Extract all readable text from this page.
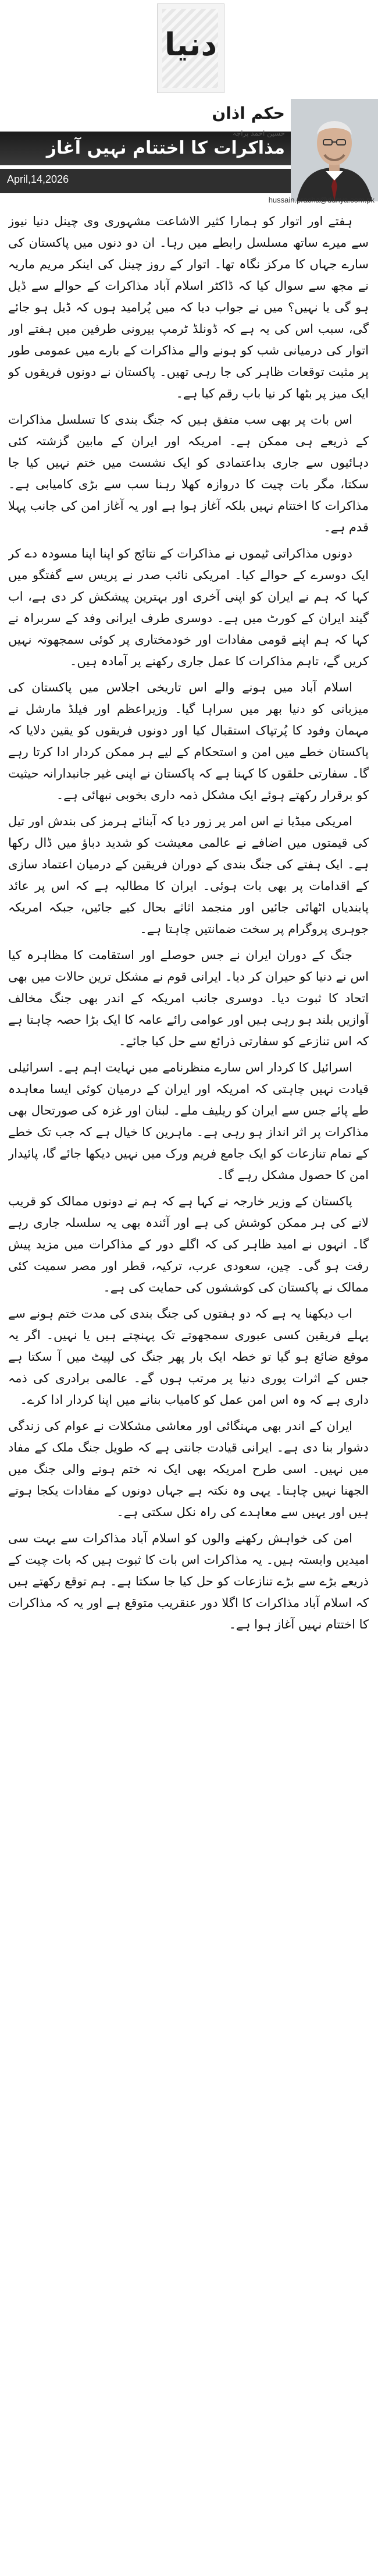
دنیا
مذاکرات کا اختتام نہیں آغاز
April,14,2026
حکم اذان
حسین احمد پراچہ
hussain.pracha@dunya.com.pk

ہفتے اور اتوار کو ہمارا کثیر الاشاعت مشہوری وی چینل دنیا نیوز سے میرے ساتھ مسلسل رابطے میں رہا۔ ان دو دنوں میں پاکستان کی سارے جہاں کا مرکز نگاہ تھا۔ اتوار کے روز چینل کی اینکر مریم ماریہ نے مجھ سے سوال کیا کہ ڈاکٹر اسلام آباد مذاکرات کے حوالے سے ڈیل ہو گی یا نہیں؟ میں نے جواب دیا کہ میں پُرامید ہوں کہ ڈیل ہو جائے گی، سبب اس کی یہ ہے کہ ڈونلڈ ٹرمپ بیرونی طرفین میں ہفتے اور اتوار کی درمیانی شب کو ہونے والے مذاکرات کے بارے میں عمومی طور پر مثبت توقعات ظاہر کی جا رہی تھیں۔ پاکستان نے دونوں فریقوں کو ایک میز پر بٹھا کر نیا باب رقم کیا ہے۔

اس بات پر بھی سب متفق ہیں کہ جنگ بندی کا تسلسل مذاکرات کے ذریعے ہی ممکن ہے۔ امریکہ اور ایران کے مابین گزشتہ کئی دہائیوں سے جاری بداعتمادی کو ایک نشست میں ختم نہیں کیا جا سکتا، مگر بات چیت کا دروازہ کھلا رہنا سب سے بڑی کامیابی ہے۔ مذاکرات کا اختتام نہیں بلکہ آغاز ہوا ہے اور یہ آغاز امن کی جانب پہلا قدم ہے۔

دونوں مذاکراتی ٹیموں نے مذاکرات کے نتائج کو اپنا اپنا مسودہ دے کر ایک دوسرے کے حوالے کیا۔ امریکی نائب صدر نے پریس سے گفتگو میں کہا کہ ہم نے ایران کو اپنی آخری اور بہترین پیشکش کر دی ہے، اب گیند ایران کے کورٹ میں ہے۔ دوسری طرف ایرانی وفد کے سربراہ نے کہا کہ ہم اپنے قومی مفادات اور خودمختاری پر کوئی سمجھوتہ نہیں کریں گے، تاہم مذاکرات کا عمل جاری رکھنے پر آمادہ ہیں۔

اسلام آباد میں ہونے والے اس تاریخی اجلاس میں پاکستان کی میزبانی کو دنیا بھر میں سراہا گیا۔ وزیراعظم اور فیلڈ مارشل نے مہمان وفود کا پُرتپاک استقبال کیا اور دونوں فریقوں کو یقین دلایا کہ پاکستان خطے میں امن و استحکام کے لیے ہر ممکن کردار ادا کرتا رہے گا۔ سفارتی حلقوں کا کہنا ہے کہ پاکستان نے اپنی غیر جانبدارانہ حیثیت کو برقرار رکھتے ہوئے ایک مشکل ذمہ داری بخوبی نبھائی ہے۔

امریکی میڈیا نے اس امر پر زور دیا کہ آبنائے ہرمز کی بندش اور تیل کی قیمتوں میں اضافے نے عالمی معیشت کو شدید دباؤ میں ڈال رکھا ہے۔ ایک ہفتے کی جنگ بندی کے دوران فریقین کے درمیان اعتماد سازی کے اقدامات پر بھی بات ہوئی۔ ایران کا مطالبہ ہے کہ اس پر عائد پابندیاں اٹھائی جائیں اور منجمد اثاثے بحال کیے جائیں، جبکہ امریکہ جوہری پروگرام پر سخت ضمانتیں چاہتا ہے۔

جنگ کے دوران ایران نے جس حوصلے اور استقامت کا مظاہرہ کیا اس نے دنیا کو حیران کر دیا۔ ایرانی قوم نے مشکل ترین حالات میں بھی اتحاد کا ثبوت دیا۔ دوسری جانب امریکہ کے اندر بھی جنگ مخالف آوازیں بلند ہو رہی ہیں اور عوامی رائے عامہ کا ایک بڑا حصہ چاہتا ہے کہ اس تنازعے کو سفارتی ذرائع سے حل کیا جائے۔

اسرائیل کا کردار اس سارے منظرنامے میں نہایت اہم ہے۔ اسرائیلی قیادت نہیں چاہتی کہ امریکہ اور ایران کے درمیان کوئی ایسا معاہدہ طے پائے جس سے ایران کو ریلیف ملے۔ لبنان اور غزہ کی صورتحال بھی مذاکرات پر اثر انداز ہو رہی ہے۔ ماہرین کا خیال ہے کہ جب تک خطے کے تمام تنازعات کو ایک جامع فریم ورک میں نہیں دیکھا جائے گا، پائیدار امن کا حصول مشکل رہے گا۔

پاکستان کے وزیر خارجہ نے کہا ہے کہ ہم نے دونوں ممالک کو قریب لانے کی ہر ممکن کوشش کی ہے اور آئندہ بھی یہ سلسلہ جاری رہے گا۔ انہوں نے امید ظاہر کی کہ اگلے دور کے مذاکرات میں مزید پیش رفت ہو گی۔ چین، سعودی عرب، ترکیہ، قطر اور مصر سمیت کئی ممالک نے پاکستان کی کوششوں کی حمایت کی ہے۔

اب دیکھنا یہ ہے کہ دو ہفتوں کی جنگ بندی کی مدت ختم ہونے سے پہلے فریقین کسی عبوری سمجھوتے تک پہنچتے ہیں یا نہیں۔ اگر یہ موقع ضائع ہو گیا تو خطہ ایک بار پھر جنگ کی لپیٹ میں آ سکتا ہے جس کے اثرات پوری دنیا پر مرتب ہوں گے۔ عالمی برادری کی ذمہ داری ہے کہ وہ اس امن عمل کو کامیاب بنانے میں اپنا کردار ادا کرے۔

ایران کے اندر بھی مہنگائی اور معاشی مشکلات نے عوام کی زندگی دشوار بنا دی ہے۔ ایرانی قیادت جانتی ہے کہ طویل جنگ ملک کے مفاد میں نہیں۔ اسی طرح امریکہ بھی ایک نہ ختم ہونے والی جنگ میں الجھنا نہیں چاہتا۔ یہی وہ نکتہ ہے جہاں دونوں کے مفادات یکجا ہوتے ہیں اور یہیں سے معاہدے کی راہ نکل سکتی ہے۔

امن کی خواہش رکھنے والوں کو اسلام آباد مذاکرات سے بہت سی امیدیں وابستہ ہیں۔ یہ مذاکرات اس بات کا ثبوت ہیں کہ بات چیت کے ذریعے بڑے سے بڑے تنازعات کو حل کیا جا سکتا ہے۔ ہم توقع رکھتے ہیں کہ اسلام آباد مذاکرات کا اگلا دور عنقریب متوقع ہے اور یہ کہ مذاکرات کا اختتام نہیں آغاز ہوا ہے۔
